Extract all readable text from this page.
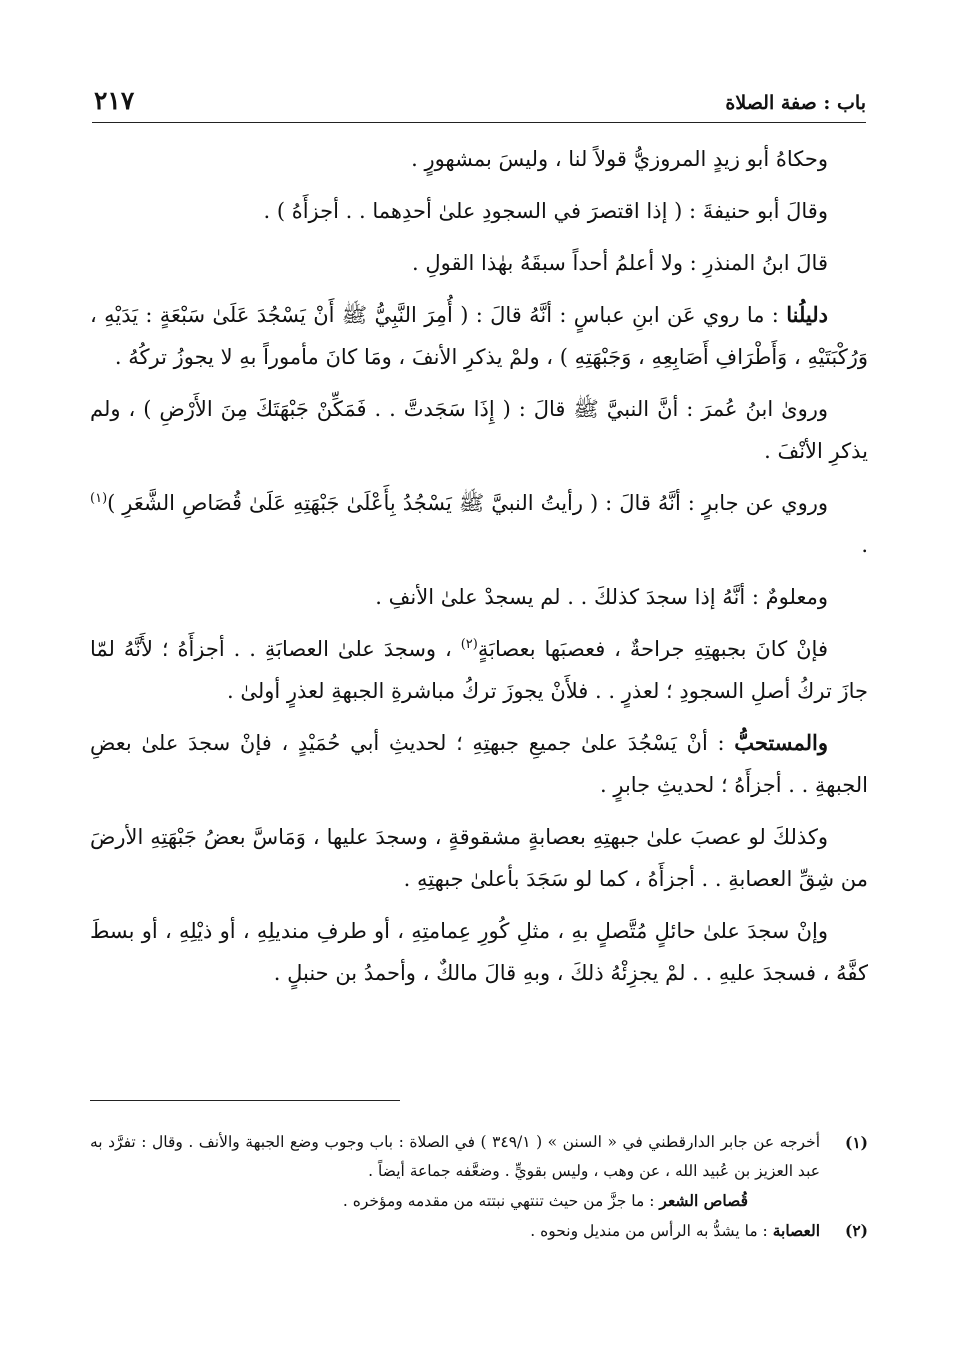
باب : صفة الصلاة
٢١٧

وحكاهُ أبو زيدٍ المروزيُّ قولاً لنا ، وليسَ بمشهورٍ .

وقالَ أبو حنيفةَ : ( إذا اقتصرَ في السجودِ علىٰ أحدِهما . . أجزأَهُ ) .

قالَ ابنُ المنذرِ : ولا أعلمُ أحداً سبقَهُ بهٰذا القولِ .

دليلُنا : ما روي عَن ابنِ عباسٍ : أنَّهُ قالَ : ( أُمِرَ النَّبِيُّ ﷺ أَنْ يَسْجُدَ عَلَىٰ سَبْعَةٍ : يَدَيْهِ ، وَرُكْبَتَيْهِ ، وَأَطْرَافِ أَصَابِعِهِ ، وَجَبْهَتِهِ ) ، ولمْ يذكرِ الأنفَ ، ومَا كانَ مأموراً بهِ لا يجوزُ تركُهُ .

وروىٰ ابنُ عُمرَ : أنَّ النبيَّ ﷺ قالَ : ( إِذَا سَجَدتَّ . . فَمَكِّنْ جَبْهَتَكَ مِنَ الأَرْضِ ) ، ولم يذكرِ الأنْفَ .

وروي عن جابرٍ : أنَّهُ قالَ : ( رأيتُ النبيَّ ﷺ يَسْجُدُ بِأَعْلَىٰ جَبْهَتِهِ عَلَىٰ قُصَاصِ الشَّعَرِ )$^{(١)}$ .

ومعلومٌ : أنَّهُ إذا سجدَ كذلكَ . . لم يسجدْ علىٰ الأنفِ .

فإنْ كانَ بجبهتِهِ جراحةٌ ، فعصبَها بعصابَةٍ$^{(٢)}$ ، وسجدَ علىٰ العصابَةِ . . أجزأَهُ ؛ لأَنَّهُ لمّا جازَ تركُ أصلِ السجودِ ؛ لعذرٍ . . فلأَنْ يجوزَ تركُ مباشرةِ الجبهةِ لعذرٍ أولىٰ .

والمستحبُّ : أنْ يَسْجُدَ علىٰ جميعِ جبهتِهِ ؛ لحديثِ أبي حُمَيْدٍ ، فإنْ سجدَ علىٰ بعضِ الجبهةِ . . أجزأَهُ ؛ لحديثِ جابرٍ .

وكذلكَ لو عصبَ علىٰ جبهتِهِ بعصابةٍ مشقوقةٍ ، وسجدَ عليها ، وَمَاسَّ بعضُ جَبْهَتِهِ الأرضَ من شِقِّ العصابةِ . . أجزأَهُ ، كما لو سَجَدَ بأعلىٰ جبهتِهِ .

وإنْ سجدَ علىٰ حائلٍ مُتَّصلٍ بهِ ، مثلِ كُورِ عِمامتِهِ ، أو طرفِ منديلِهِ ، أو ذيْلِهِ ، أو بسطَ كفَّهُ ، فسجدَ عليهِ . . لمْ يجزِئْهُ ذلكَ ، وبهِ قالَ مالكٌ ، وأحمدُ بن حنبلٍ .

(١)
أخرجه عن جابر الدارقطني في « السنن » ( ٣٤٩/١ ) في الصلاة : باب وجوب وضع الجبهة والأنف . وقال : تفرَّد به عبد العزيز بن عُبيد الله ، عن وهب ، وليس بقويٍّ . وضعَّفه جماعة أيضاً .
قُصاص الشعر : ما جزَّ من حيث تنتهي نبتته من مقدمه ومؤخره .
(٢)
العصابة : ما يشدُّ به الرأس من منديل ونحوه .
